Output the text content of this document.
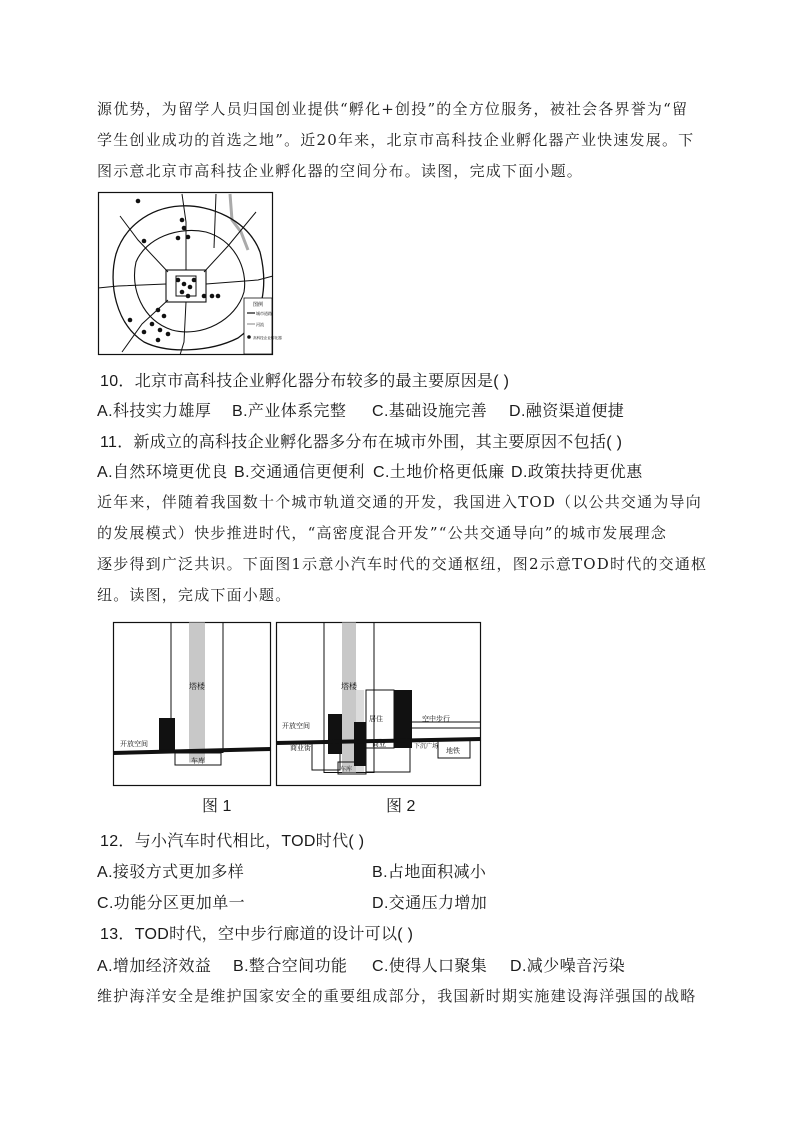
源优势，为留学人员归国创业提供“孵化+创投”的全方位服务，被社会各界誉为“留
学生创业成功的首选之地”。近20年来，北京市高科技企业孵化器产业快速发展。下
图示意北京市高科技企业孵化器的空间分布。读图，完成下面小题。
图例
城市道路
河流
高科技企业孵化器
10．北京市高科技企业孵化器分布较多的最主要原因是( )
A.科技实力雄厚 B.产业体系完整 C.基础设施完善 D.融资渠道便捷
11．新成立的高科技企业孵化器多分布在城市外围，其主要原因不包括( )
A.自然环境更优良 B.交通通信更便利 C.土地价格更低廉 D.政策扶持更优惠
近年来，伴随着我国数十个城市轨道交通的开发，我国进入TOD（以公共交通为导向
的发展模式）快步推进时代，“高密度混合开发”“公共交通导向”的城市发展理念
逐步得到广泛共识。下面图1示意小汽车时代的交通枢纽，图2示意TOD时代的交通枢
纽。读图，完成下面小题。
塔楼
开放空间
车库
图 1
塔楼
开放空间
商业街	商业
居住	空中步行
车库
下沉广场
地铁
图 2
12．与小汽车时代相比，TOD时代( )
A.接驳方式更加多样	B.占地面积减小
C.功能分区更加单一	D.交通压力增加
13．TOD时代，空中步行廊道的设计可以( )
A.增加经济效益 B.整合空间功能 C.使得人口聚集 D.减少噪音污染
维护海洋安全是维护国家安全的重要组成部分，我国新时期实施建设海洋强国的战略
